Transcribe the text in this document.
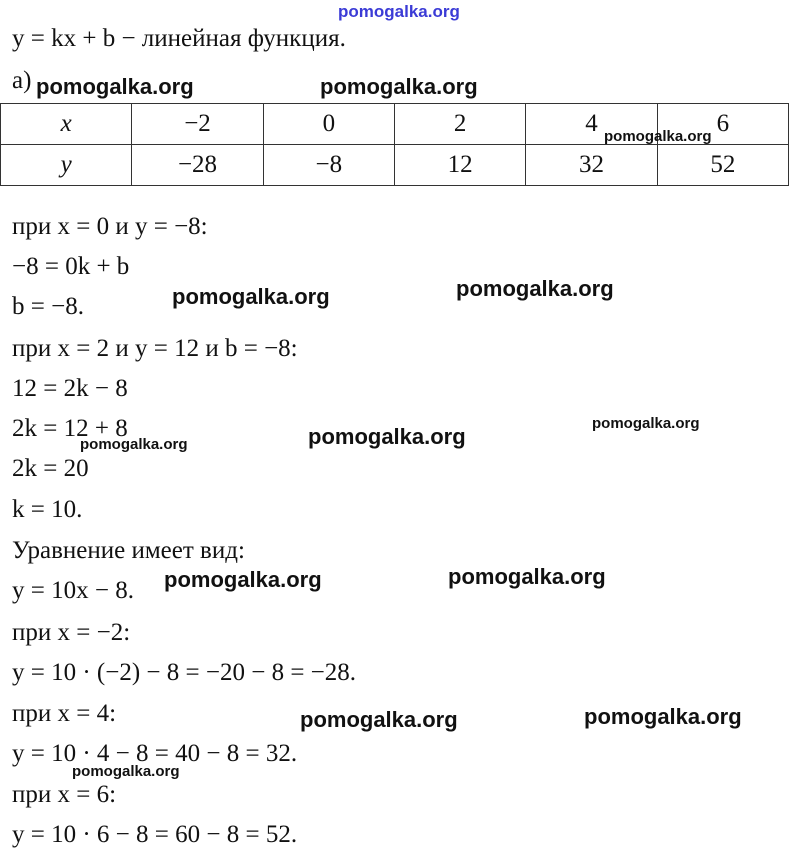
pomogalka.org
y = kx + b − линейная функция.
а)
x	−2	0	2	4	6
y	−28	−8	12	32	52
при x = 0 и y = −8:
−8 = 0k + b
b = −8.
при x = 2 и y = 12 и b = −8:
12 = 2k − 8
2k = 12 + 8
2k = 20
k = 10.
Уравнение имеет вид:
y = 10x − 8.
при x = −2:
y = 10 · (−2) − 8 = −20 − 8 = −28.
при x = 4:
y = 10 · 4 − 8 = 40 − 8 = 32.
при x = 6:
y = 10 · 6 − 8 = 60 − 8 = 52.
pomogalka.org	pomogalka.org
pomogalka.org
pomogalka.org	pomogalka.org
pomogalka.org	pomogalka.org
pomogalka.org
pomogalka.org	pomogalka.org
pomogalka.org	pomogalka.org
pomogalka.org
